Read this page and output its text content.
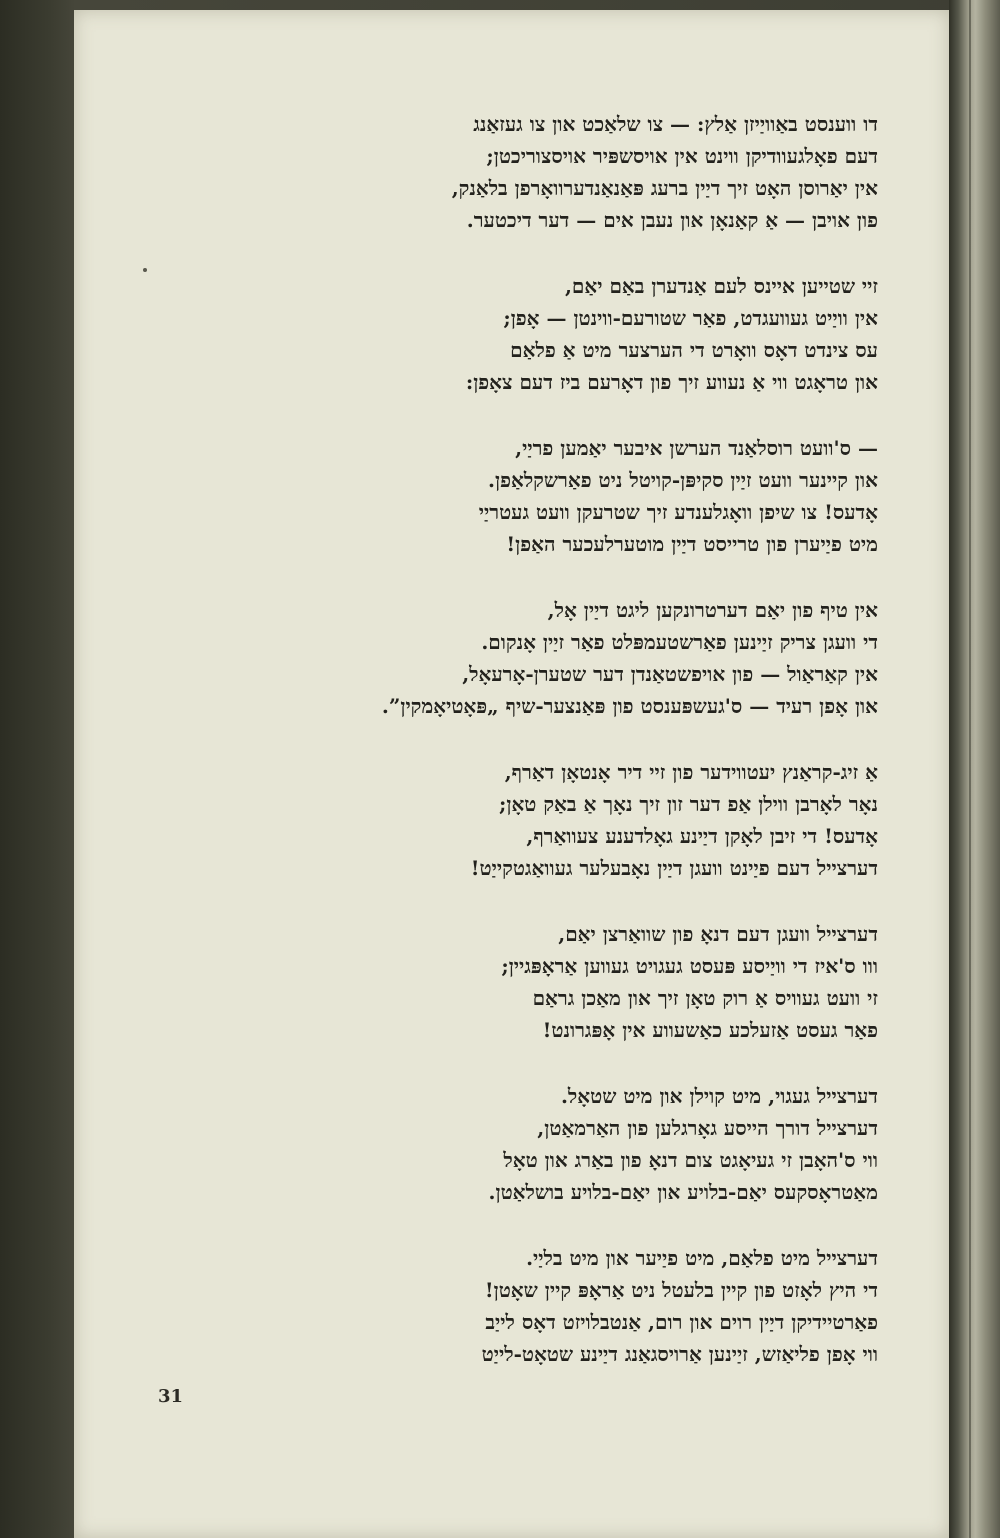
דו ווענסט באַוויַיזן אַלץ: — צו שלאַכט און צו געזאַנג
דעם פאָלגעוודיקן ווינט אין אויסשפּיר אויסצוריכטן;
אין יאַרוסן האָט זיך דיַין ברעג פּאַנאַנדערוואָרפן בלאַנק,
פון אויבן — אַ קאַנאָן און נעבן אים — דער דיכטער.
זיי שטייען איינס לעם אַנדערן באַם יאַם,
אין וויַיט געוועגדט, פאַר שטורעם-ווינטן — אָפן;
עס צינדט דאָס וואָרט די הערצער מיט אַ פלאַם
און טראָגט ווי אַ נעווע זיך פון דאָרעם ביז דעם צאָפן:
— ס'וועט רוסלאַנד הערשן איבער יאַמען פריַי,
און קיינער וועט זיַין סקיפּן-קויטל ניט פאַרשקלאַפן.
אָדעס! צו שיפן וואָגלענדע זיך שטרעקן וועט געטריַי
מיט פיַיערן פון טרייסט דיַין מוטערלעכער האַפן!
אין טיף פון יאַם דערטרונקען ליגט דיַין אָל,
די וועגן צריק זיַינען פאַרשטעמפּלט פאַר זיַין אָנקום.
אין קאַראַול — פון אויפשטאַנדן דער שטערן-אָרעאָל,
און אָפן רעיד — ס'געשפּענסט פון פּאַנצער-שיף „פּאָטיאָמקין”.
אַ זיג-קראַנץ יעטווידער פון זיי דיר אָנטאָן דאַרף,
נאָר לאָרבן ווילן אַפ דער זון זיך נאָך אַ באַק טאָן;
אָדעס! די זיבן לאָקן דיַינע גאָלדענע צעוואַרף,
דערצייל דעם פיַינט וועגן דיַין נאָבעלער געוואַגטקייַט!
דערצייל וועגן דעם דנאָ פון שוואַרצן יאַם,
ווו ס'איז די וויַיסע פּעסט געגויט געווען אַראָפּגיין;
זי וועט געוויס אַ רוק טאָן זיך און מאַכן גראַם
פאַר געסט אַזעלכע כאַשעווע אין אָפּגרונט!
דערצייל געגוי, מיט קוילן און מיט שטאָל.
דערצייל דורך הייסע גאָרגלען פון האַרמאַטן,
ווי ס'האָבן זי געיאָגט צום דנאָ פון באַרג און טאָל
מאַטראָסקעס יאַם-בלויע און יאַם-בלויע בושלאַטן.
דערצייל מיט פלאַם, מיט פיַיער און מיט בליַי.
די היץ לאָזט פון קיין בלעטל ניט אַראָפּ קיין שאָטן!
פאַרטיידיקן דיַין רוים און רום, אַנטבלויזט דאָס לייַב
ווי אָפן פליאַזש, זיַינען אַרויסגאַנג דיַינע שטאָט-לייַט
31
